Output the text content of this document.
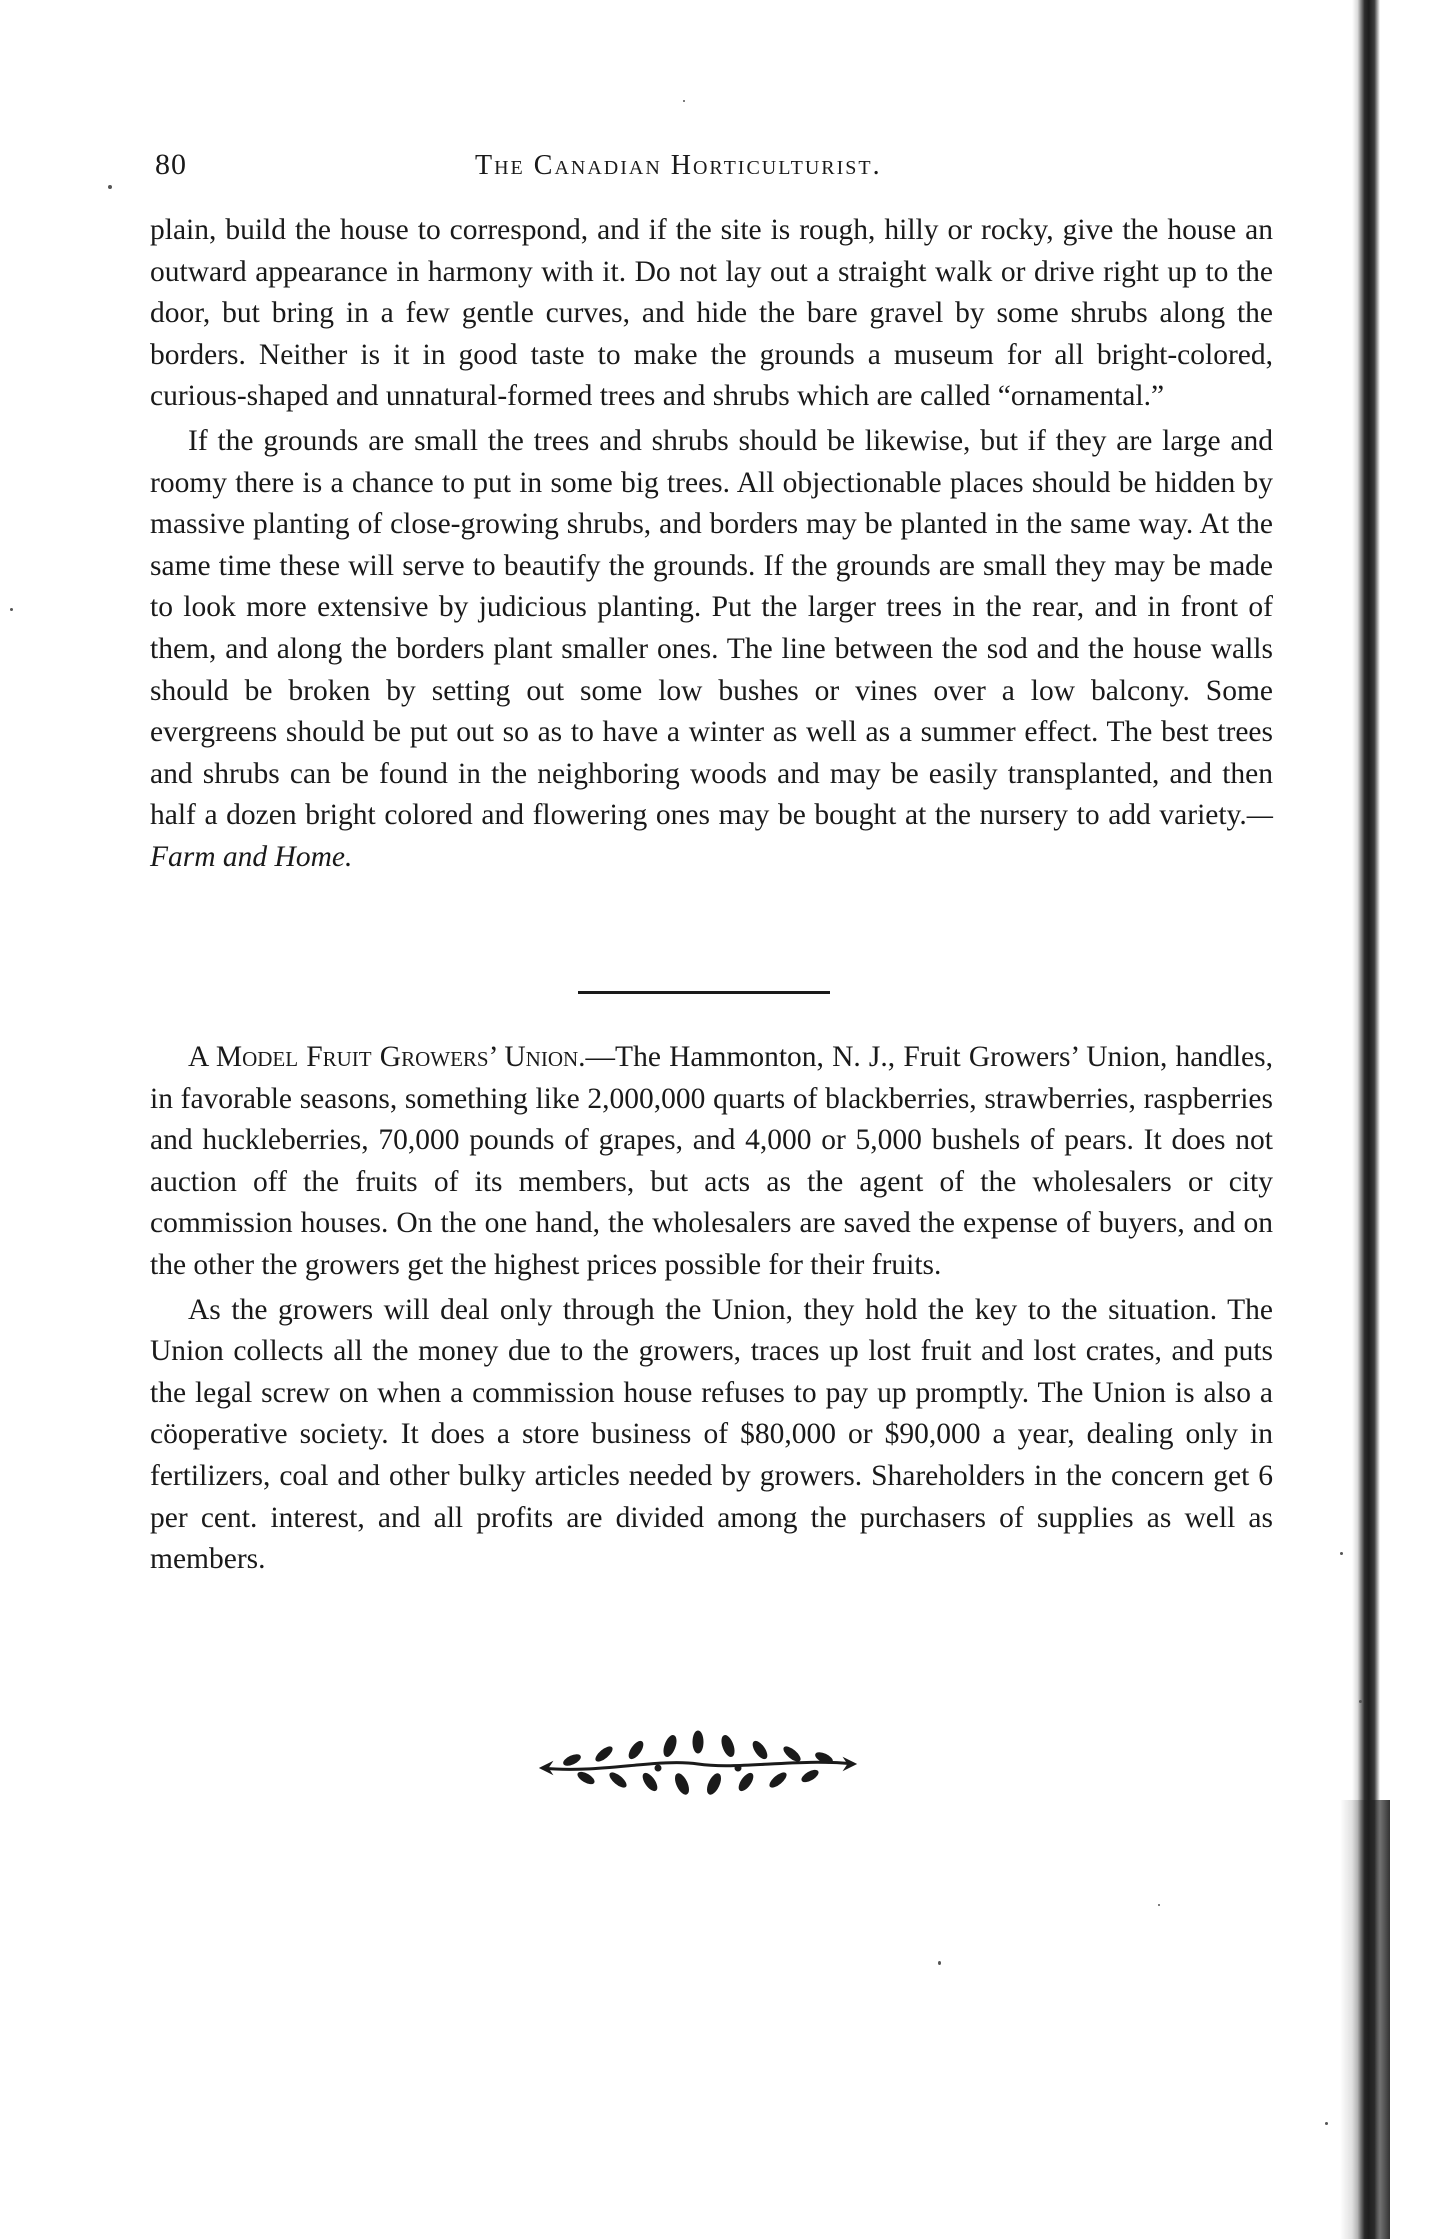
80	The Canadian Horticulturist.

plain, build the house to correspond, and if the site is rough, hilly or rocky, give the house an outward appearance in harmony with it. Do not lay out a straight walk or drive right up to the door, but bring in a few gentle curves, and hide the bare gravel by some shrubs along the borders. Neither is it in good taste to make the grounds a museum for all bright-colored, curious-shaped and unnatural-formed trees and shrubs which are called “ornamental.”

If the grounds are small the trees and shrubs should be likewise, but if they are large and roomy there is a chance to put in some big trees. All objectionable places should be hidden by massive planting of close-growing shrubs, and borders may be planted in the same way. At the same time these will serve to beautify the grounds. If the grounds are small they may be made to look more extensive by judicious planting. Put the larger trees in the rear, and in front of them, and along the borders plant smaller ones. The line between the sod and the house walls should be broken by setting out some low bushes or vines over a low balcony. Some evergreens should be put out so as to have a winter as well as a summer effect. The best trees and shrubs can be found in the neighboring woods and may be easily transplanted, and then half a dozen bright colored and flowering ones may be bought at the nursery to add variety.—Farm and Home.

A Model Fruit Growers’ Union.—The Hammonton, N. J., Fruit Growers’ Union, handles, in favorable seasons, something like 2,000,000 quarts of blackberries, strawberries, raspberries and huckleberries, 70,000 pounds of grapes, and 4,000 or 5,000 bushels of pears. It does not auction off the fruits of its members, but acts as the agent of the wholesalers or city commission houses. On the one hand, the wholesalers are saved the expense of buyers, and on the other the growers get the highest prices possible for their fruits.

As the growers will deal only through the Union, they hold the key to the situation. The Union collects all the money due to the growers, traces up lost fruit and lost crates, and puts the legal screw on when a commission house refuses to pay up promptly. The Union is also a cöoperative society. It does a store business of $80,000 or $90,000 a year, dealing only in fertilizers, coal and other bulky articles needed by growers. Shareholders in the concern get 6 per cent. interest, and all profits are divided among the purchasers of supplies as well as members.
